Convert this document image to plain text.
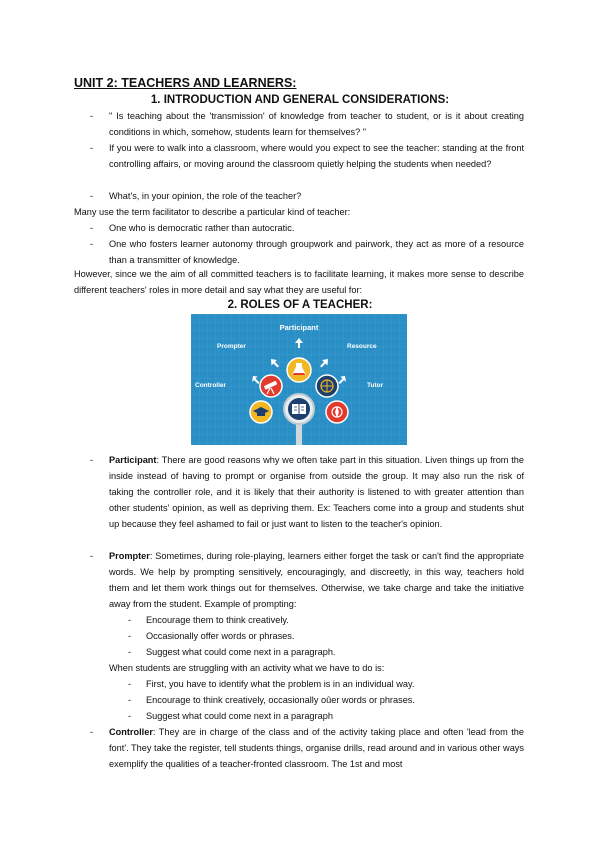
UNIT 2: TEACHERS AND LEARNERS:
1. INTRODUCTION AND GENERAL CONSIDERATIONS:
- " Is teaching about the 'transmission' of knowledge from teacher to student, or is it about creating conditions in which, somehow, students learn for themselves? "
- If you were to walk into a classroom, where would you expect to see the teacher: standing at the front controlling affairs, or moving around the classroom quietly helping the students when needed?
- What's, in your opinion, the role of the teacher?
Many use the term facilitator to describe a particular kind of teacher:
- One who is democratic rather than autocratic.
- One who fosters learner autonomy through groupwork and pairwork, they act as more of a resource than a transmitter of knowledge.
However, since we the aim of all committed teachers is to facilitate learning, it makes more sense to describe different teachers' roles in more detail and say what they are useful for:
2. ROLES OF A TEACHER:
Participant
Prompter	Resource
Controller	Tutor
- Participant: There are good reasons why we often take part in this situation. Liven things up from the inside instead of having to prompt or organise from outside the group. It may also run the risk of taking the controller role, and it is likely that their authority is listened to with greater attention than other students' opinion, as well as depriving them. Ex: Teachers come into a group and students shut up because they feel ashamed to fail or just want to listen to the teacher's opinion.
- Prompter: Sometimes, during role-playing, learners either forget the task or can't find the appropriate words. We help by prompting sensitively, encouragingly, and discreetly, in this way, teachers hold them and let them work things out for themselves. Otherwise, we take charge and take the initiative away from the student. Example of prompting:
- Encourage them to think creatively.
- Occasionally offer words or phrases.
- Suggest what could come next in a paragraph.
When students are struggling with an activity what we have to do is:
- First, you have to identify what the problem is in an individual way.
- Encourage to think creatively, occasionally oûer words or phrases.
- Suggest what could come next in a paragraph
- Controller: They are in charge of the class and of the activity taking place and often 'lead from the font'. They take the register, tell students things, organise drills, read around and in various other ways exemplify the qualities of a teacher-fronted classroom. The 1st and most
